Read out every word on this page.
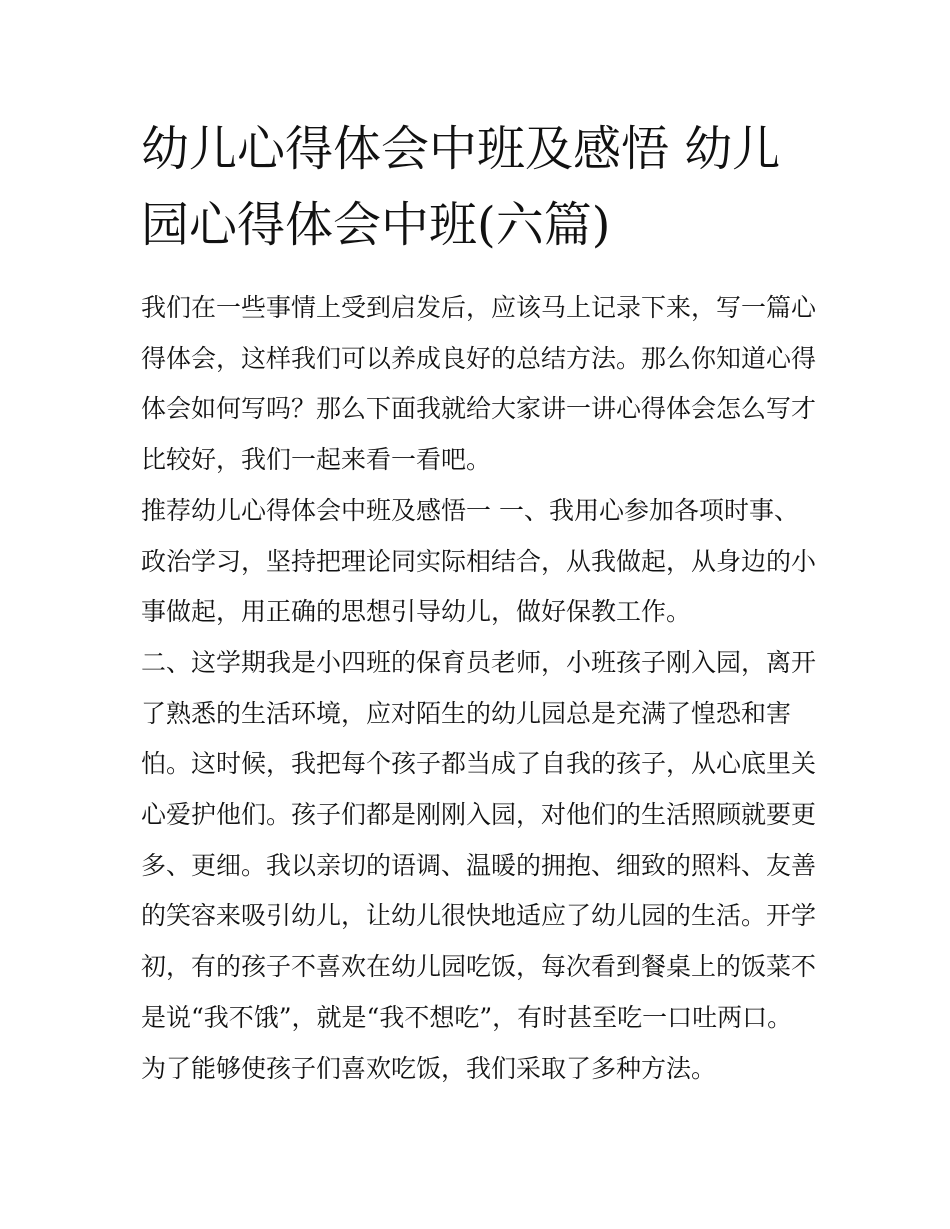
幼儿心得体会中班及感悟 幼儿
园心得体会中班(六篇)

我们在一些事情上受到启发后，应该马上记录下来，写一篇心得体会，这样我们可以养成良好的总结方法。那么你知道心得体会如何写吗？那么下面我就给大家讲一讲心得体会怎么写才比较好，我们一起来看一看吧。

推荐幼儿心得体会中班及感悟一 一、我用心参加各项时事、政治学习，坚持把理论同实际相结合，从我做起，从身边的小事做起，用正确的思想引导幼儿，做好保教工作。

二、这学期我是小四班的保育员老师，小班孩子刚入园，离开了熟悉的生活环境，应对陌生的幼儿园总是充满了惶恐和害怕。这时候，我把每个孩子都当成了自我的孩子，从心底里关心爱护他们。孩子们都是刚刚入园，对他们的生活照顾就要更多、更细。我以亲切的语调、温暖的拥抱、细致的照料、友善的笑容来吸引幼儿，让幼儿很快地适应了幼儿园的生活。开学初，有的孩子不喜欢在幼儿园吃饭，每次看到餐桌上的饭菜不是说“我不饿”，就是“我不想吃”，有时甚至吃一口吐两口。为了能够使孩子们喜欢吃饭，我们采取了多种方法。
